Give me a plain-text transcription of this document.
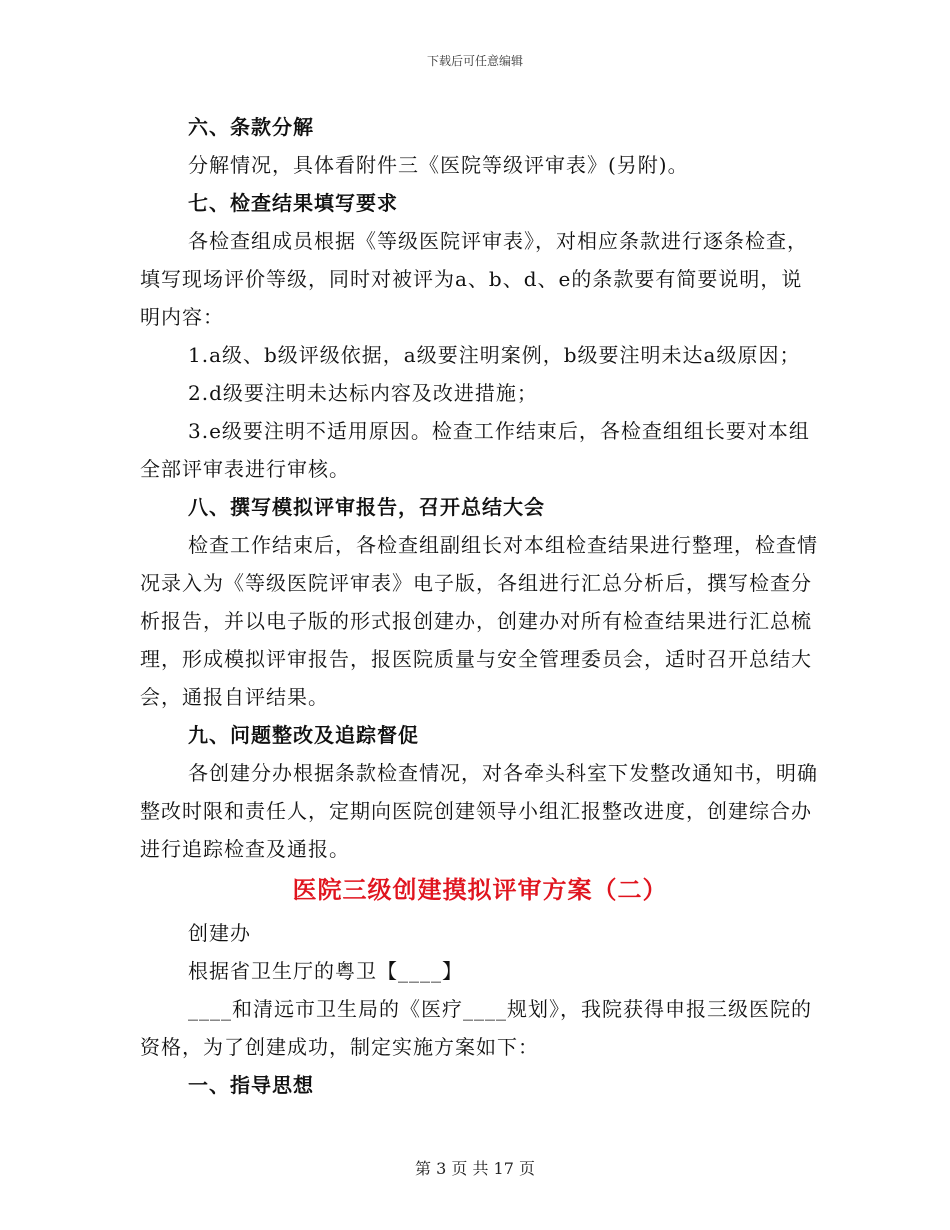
下载后可任意编辑

六、条款分解

分解情况，具体看附件三《医院等级评审表》(另附)。

七、检查结果填写要求

各检查组成员根据《等级医院评审表》，对相应条款进行逐条检查，填写现场评价等级，同时对被评为a、b、d、e的条款要有简要说明，说明内容：

1.a级、b级评级依据，a级要注明案例，b级要注明未达a级原因；

2.d级要注明未达标内容及改进措施；

3.e级要注明不适用原因。检查工作结束后，各检查组组长要对本组全部评审表进行审核。

八、撰写模拟评审报告，召开总结大会

检查工作结束后，各检查组副组长对本组检查结果进行整理，检查情况录入为《等级医院评审表》电子版，各组进行汇总分析后，撰写检查分析报告，并以电子版的形式报创建办，创建办对所有检查结果进行汇总梳理，形成模拟评审报告，报医院质量与安全管理委员会，适时召开总结大会，通报自评结果。

九、问题整改及追踪督促

各创建分办根据条款检查情况，对各牵头科室下发整改通知书，明确整改时限和责任人，定期向医院创建领导小组汇报整改进度，创建综合办进行追踪检查及通报。

医院三级创建摸拟评审方案（二）

创建办

根据省卫生厅的粤卫【____】

____和清远市卫生局的《医疗____规划》，我院获得申报三级医院的资格，为了创建成功，制定实施方案如下：

一、指导思想

第 3 页 共 17 页
